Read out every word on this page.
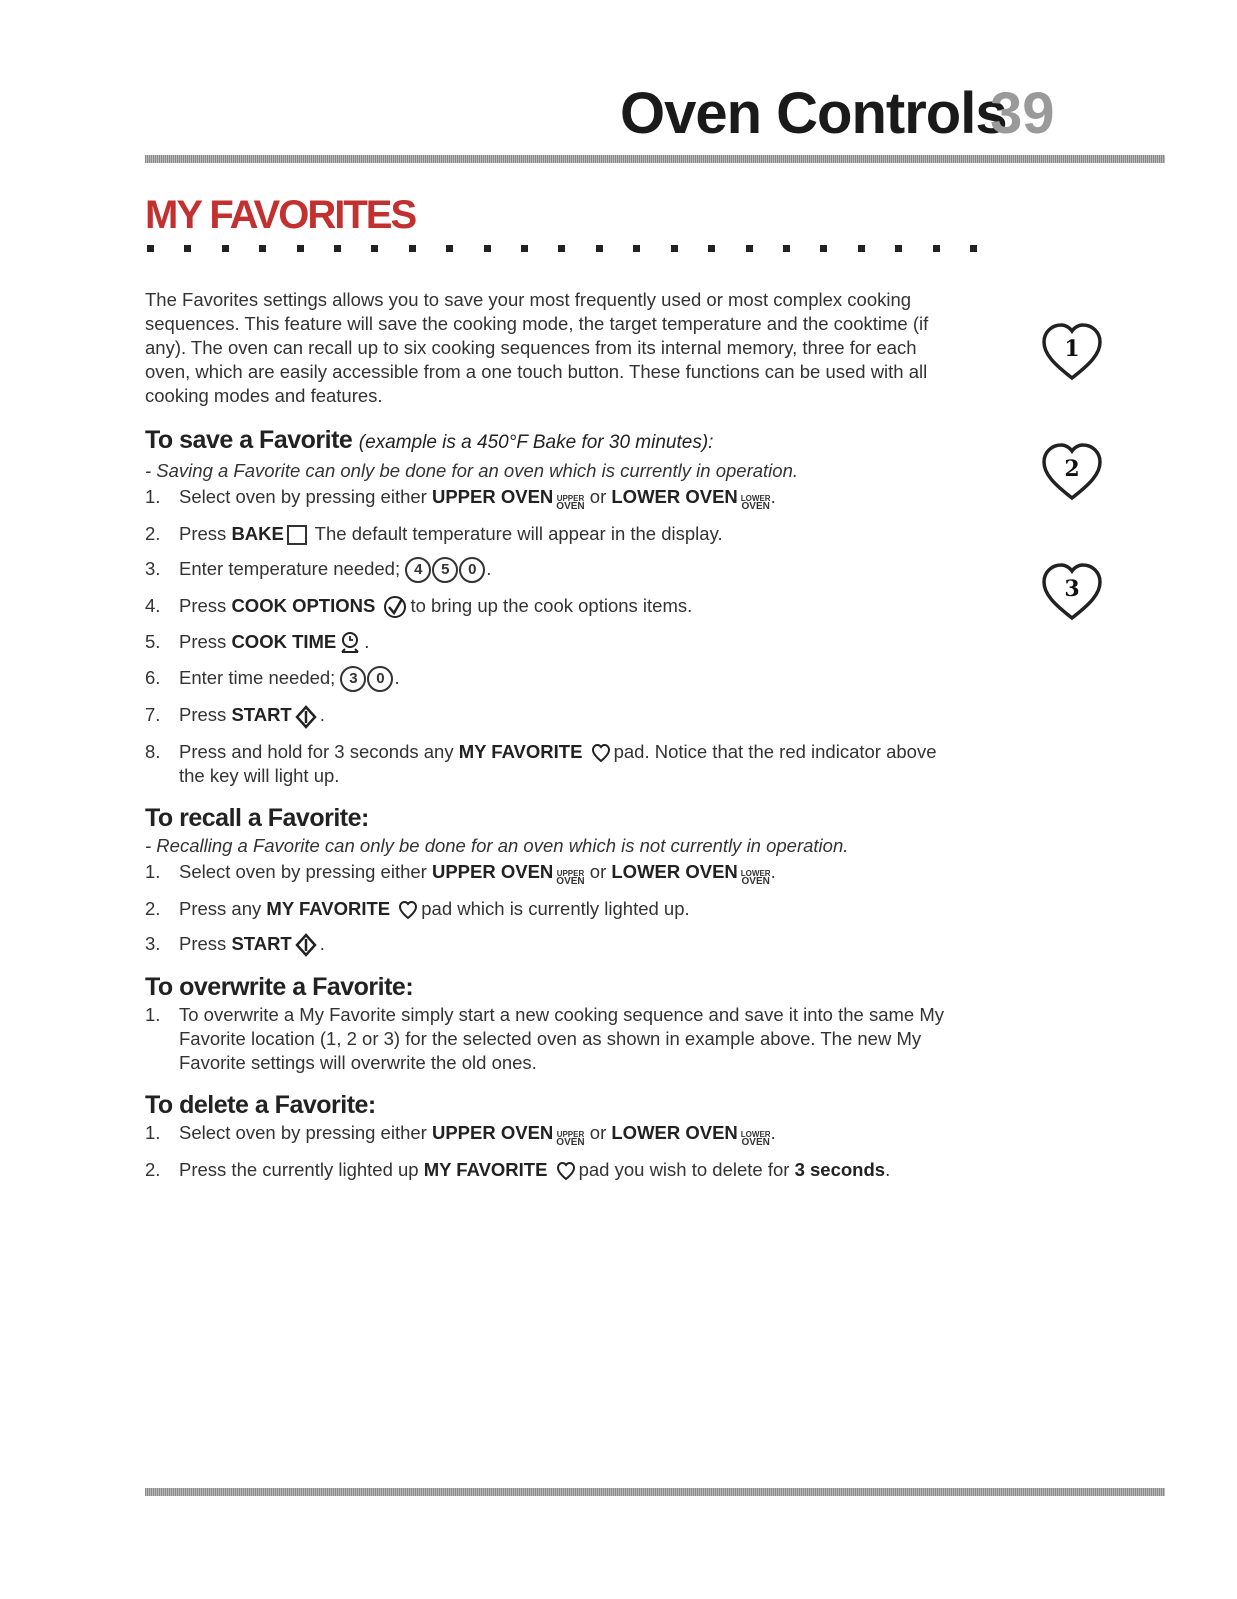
Oven Controls
39
MY FAVORITES
1
2
3

The Favorites settings allows you to save your most frequently used or most complex cooking sequences. This feature will save the cooking mode, the target temperature and the cooktime (if any). The oven can recall up to six cooking sequences from its internal memory, three for each oven, which are easily accessible from a one touch button. These functions can be used with all cooking modes and features.

To save a Favorite (example is a 450°F Bake for 30 minutes):
- Saving a Favorite can only be done for an oven which is currently in operation.
1. Select oven by pressing either UPPER OVEN UPPER
OVEN or LOWER OVEN LOWER
OVEN .
2. Press BAKE The default temperature will appear in the display.
3. Enter temperature needed; 4 5 0 .
4. Press COOK OPTIONS to bring up the cook options items.
5. Press COOK TIME .
6. Enter time needed; 3 0 .
7. Press START .
8. Press and hold for 3 seconds any MY FAVORITE pad. Notice that the red indicator above the key will light up.
To recall a Favorite:
- Recalling a Favorite can only be done for an oven which is not currently in operation.
1. Select oven by pressing either UPPER OVEN UPPER
OVEN or LOWER OVEN LOWER
OVEN .
2. Press any MY FAVORITE pad which is currently lighted up.
3. Press START .
To overwrite a Favorite:
1. To overwrite a My Favorite simply start a new cooking sequence and save it into the same My Favorite location (1, 2 or 3) for the selected oven as shown in example above. The new My Favorite settings will overwrite the old ones.
To delete a Favorite:
1. Select oven by pressing either UPPER OVEN UPPER
OVEN or LOWER OVEN LOWER
OVEN .
2. Press the currently lighted up MY FAVORITE pad you wish to delete for 3 seconds.
